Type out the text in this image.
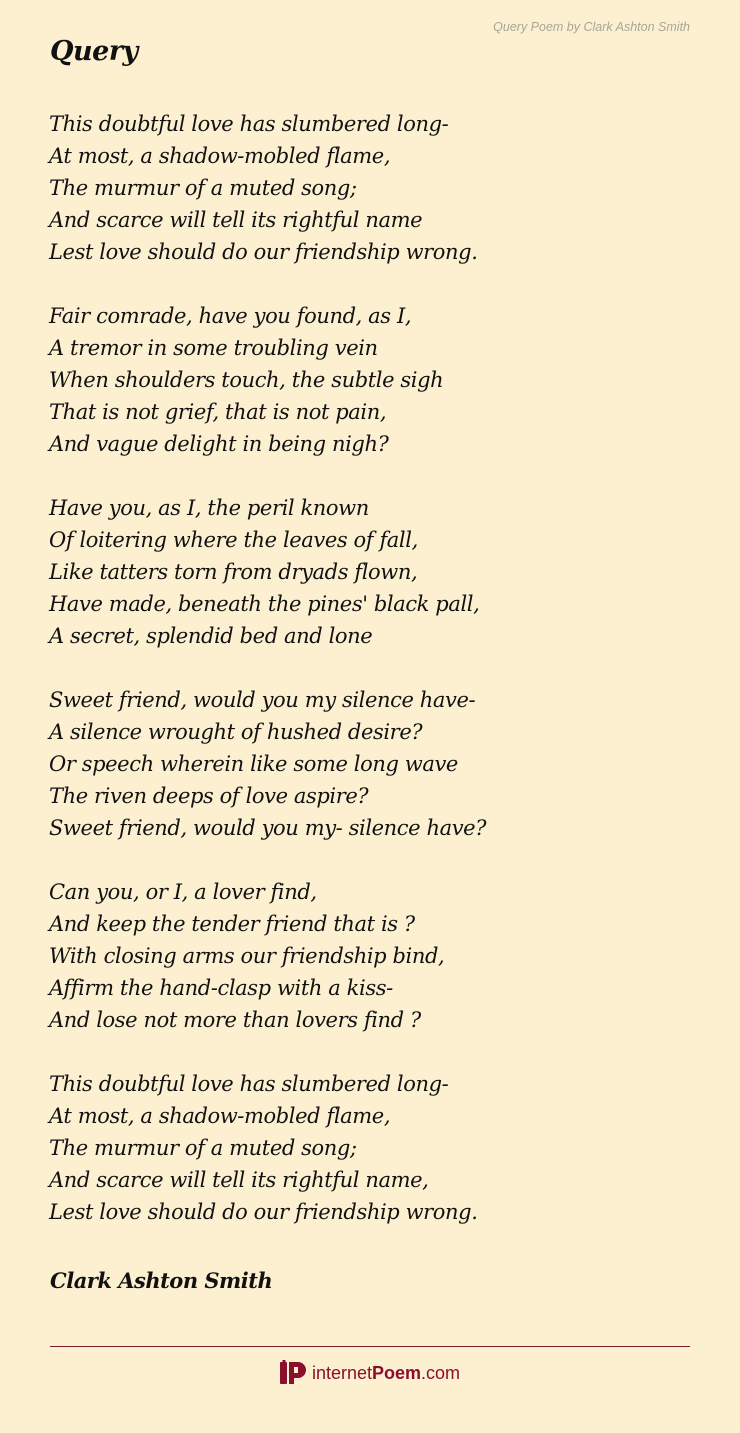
Query Poem by Clark Ashton Smith
Query
This doubtful love has slumbered long-
At most, a shadow-mobled flame,
The murmur of a muted song;
And scarce will tell its rightful name
Lest love should do our friendship wrong.
Fair comrade, have you found, as I,
A tremor in some troubling vein
When shoulders touch, the subtle sigh
That is not grief, that is not pain,
And vague delight in being nigh?
Have you, as I, the peril known
Of loitering where the leaves of fall,
Like tatters torn from dryads flown,
Have made, beneath the pines' black pall,
A secret, splendid bed and lone
Sweet friend, would you my silence have-
A silence wrought of hushed desire?
Or speech wherein like some long wave
The riven deeps of love aspire?
Sweet friend, would you my- silence have?
Can you, or I, a lover find,
And keep the tender friend that is ?
With closing arms our friendship bind,
Affirm the hand-clasp with a kiss-
And lose not more than lovers find ?
This doubtful love has slumbered long-
At most, a shadow-mobled flame,
The murmur of a muted song;
And scarce will tell its rightful name,
Lest love should do our friendship wrong.
Clark Ashton Smith
internetPoem.com
